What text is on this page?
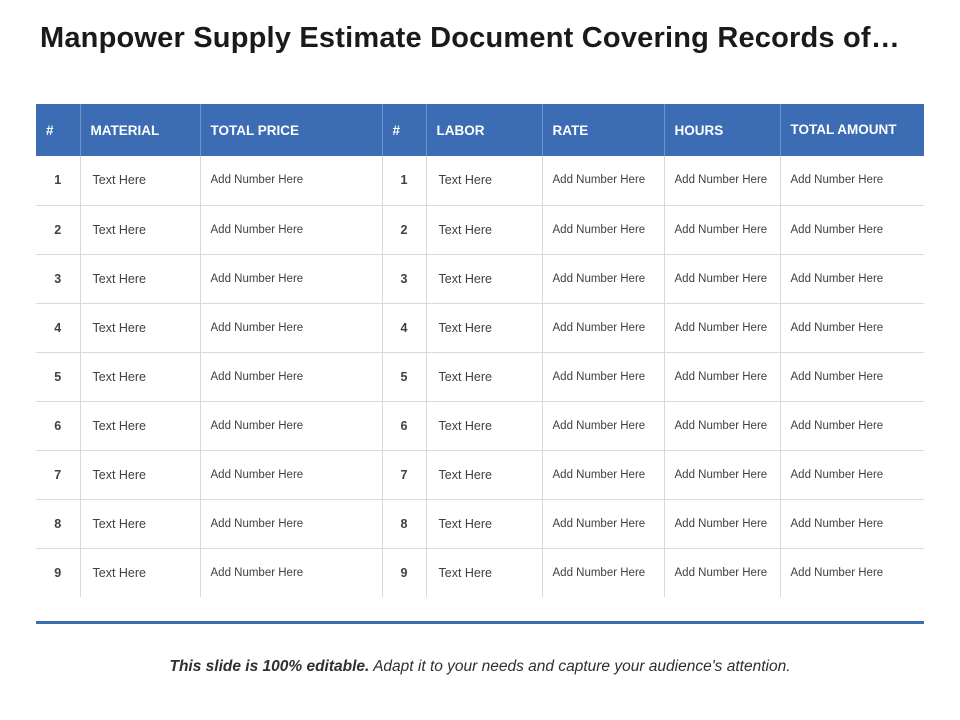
Manpower Supply Estimate Document Covering Records of…
#	MATERIAL	TOTAL PRICE	#	LABOR	RATE	HOURS	TOTAL AMOUNT
1	Text Here	Add Number Here	1	Text Here	Add Number Here	Add Number Here	Add Number Here
2	Text Here	Add Number Here	2	Text Here	Add Number Here	Add Number Here	Add Number Here
3	Text Here	Add Number Here	3	Text Here	Add Number Here	Add Number Here	Add Number Here
4	Text Here	Add Number Here	4	Text Here	Add Number Here	Add Number Here	Add Number Here
5	Text Here	Add Number Here	5	Text Here	Add Number Here	Add Number Here	Add Number Here
6	Text Here	Add Number Here	6	Text Here	Add Number Here	Add Number Here	Add Number Here
7	Text Here	Add Number Here	7	Text Here	Add Number Here	Add Number Here	Add Number Here
8	Text Here	Add Number Here	8	Text Here	Add Number Here	Add Number Here	Add Number Here
9	Text Here	Add Number Here	9	Text Here	Add Number Here	Add Number Here	Add Number Here
This slide is 100% editable. Adapt it to your needs and capture your audience's attention.
